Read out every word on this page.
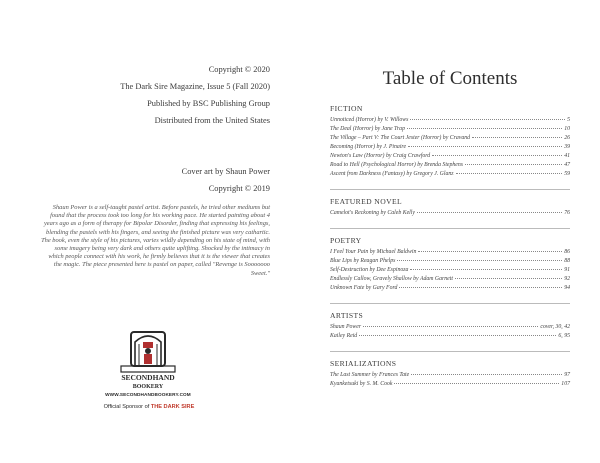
Copyright © 2020
The Dark Sire Magazine, Issue 5 (Fall 2020)
Published by BSC Publishing Group
Distributed from the United States
Cover art by Shaun Power
Copyright © 2019
Shaun Power is a self-taught pastel artist. Before pastels, he tried other mediums but found that the process took too long for his working pace. He started painting about 4 years ago as a form of therapy for Bipolar Disorder, finding that expressing his feelings, blending the pastels with his fingers, and seeing the finished picture was very cathartic. The book, even the style of his pictures, varies wildly depending on his state of mind, with some imagery being very dark and others quite uplifting. Shocked by the intimacy in which people connect with his work, he firmly believes that it is the viewer that creates the magic. The piece presented here is pastel on paper, called "Revenge is Sooooooo Sweet."
SECONDHAND
BOOKERY
WWW.SECONDHANDBOOKERY.COM
Official Sponsor of THE DARK SIRE
Table of Contents
FICTION
Unnoticed (Horror) by V. Willows	5
The Deal (Horror) by Jane Trap	10
The Village – Part V: The Court Jester (Horror) by Cravand	26
Becoming (Horror) by J. Pinaire	39
Newton's Law (Horror) by Craig Crawford	41
Road to Hell (Psychological Horror) by Brenda Stephens	47
Ascent from Darkness (Fantasy) by Gregory J. Glanz	59
FEATURED NOVEL
Camelot's Reckoning by Caleb Kelly	76
POETRY
I Feel Your Pain by Michael Baldwin	86
Blue Lips by Reagan Phelps	88
Self-Destruction by Dee Espinoza	91
Endlessly Callow, Gravely Shallow by Adam Garnett	92
Unknown Fate by Gary Ford	94
ARTISTS
Shaun Power	cover, 30, 42
Kailey Reid	6, 95
SERIALIZATIONS
The Last Summer by Frances Tate	97
Kyanketsuki by S. M. Cook	107
